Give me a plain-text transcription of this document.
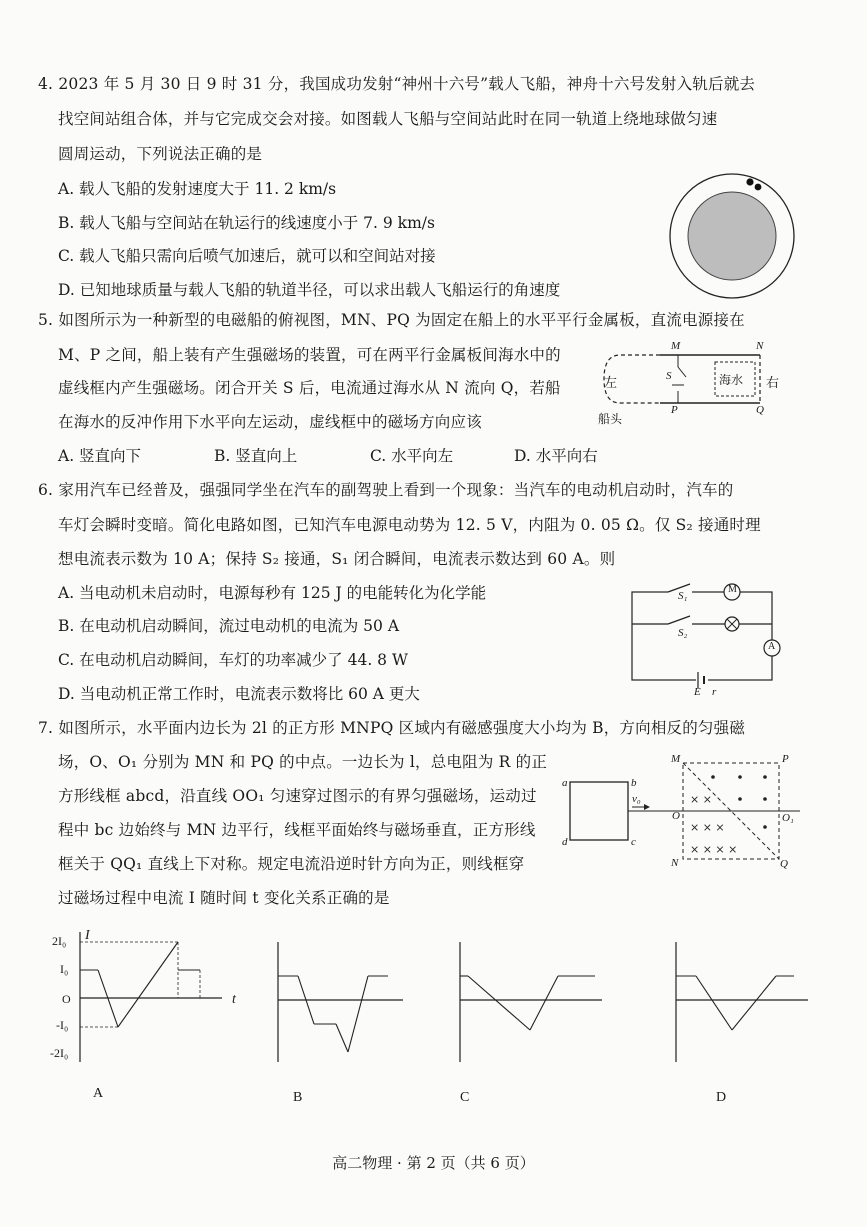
4. 2023 年 5 月 30 日 9 时 31 分，我国成功发射“神州十六号”载人飞船，神舟十六号发射入轨后就去
找空间站组合体，并与它完成交会对接。如图载人飞船与空间站此时在同一轨道上绕地球做匀速
圆周运动，下列说法正确的是
A. 载人飞船的发射速度大于 11. 2 km/s
B. 载人飞船与空间站在轨运行的线速度小于 7. 9 km/s
C. 载人飞船只需向后喷气加速后，就可以和空间站对接
D. 已知地球质量与载人飞船的轨道半径，可以求出载人飞船运行的角速度
5. 如图所示为一种新型的电磁船的俯视图，MN、PQ 为固定在船上的水平平行金属板，直流电源接在
M、P 之间，船上装有产生强磁场的装置，可在两平行金属板间海水中的
虚线框内产生强磁场。闭合开关 S 后，电流通过海水从 N 流向 Q，若船
在海水的反冲作用下水平向左运动，虚线框中的磁场方向应该
A. 竖直向下	B. 竖直向上	C. 水平向左	D. 水平向右
左	右
海水
船头
M	N
P	Q
S
6. 家用汽车已经普及，强强同学坐在汽车的副驾驶上看到一个现象：当汽车的电动机启动时，汽车的
车灯会瞬时变暗。简化电路如图，已知汽车电源电动势为 12. 5 V，内阻为 0. 05 Ω。仅 S₂ 接通时理
想电流表示数为 10 A；保持 S₂ 接通，S₁ 闭合瞬间，电流表示数达到 60 A。则
A. 当电动机未启动时，电源每秒有 125 J 的电能转化为化学能
B. 在电动机启动瞬间，流过电动机的电流为 50 A
C. 在电动机启动瞬间，车灯的功率减少了 44. 8 W
D. 当电动机正常工作时，电流表示数将比 60 A 更大
S₁
S₂
M
A
E r
7. 如图所示，水平面内边长为 2l 的正方形 MNPQ 区域内有磁感强度大小均为 B，方向相反的匀强磁
场，O、O₁ 分别为 MN 和 PQ 的中点。一边长为 l，总电阻为 R 的正
方形线框 abcd，沿直线 OO₁ 匀速穿过图示的有界匀强磁场，运动过
程中 bc 边始终与 MN 边平行，线框平面始终与磁场垂直，正方形线
框关于 QQ₁ 直线上下对称。规定电流沿逆时针方向为正，则线框穿
过磁场过程中电流 I 随时间 t 变化关系正确的是
× ×
× × ×
× × × ×
a	b
c
d
M
N
P
Q
O	O₁
v₀
I
t
2I₀
I₀
O
-I₀
-2I₀
A	B	C	D
高二物理 · 第 2 页（共 6 页）
